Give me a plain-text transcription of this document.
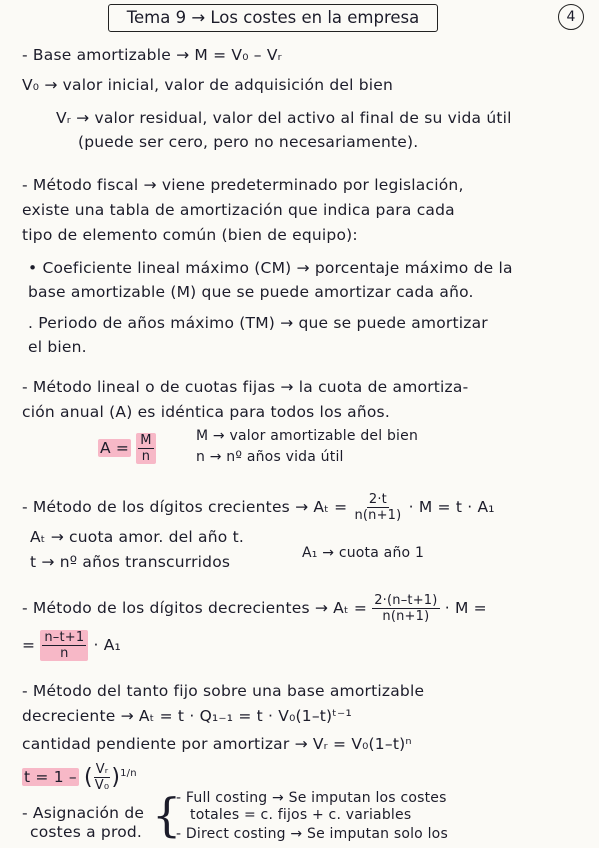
Tema 9 → Los costes en la empresa	4
- Base amortizable → M = V₀ – Vᵣ
V₀ → valor inicial, valor de adquisición del bien
Vᵣ → valor residual, valor del activo al final de su vida útil
(puede ser cero, pero no necesariamente).
- Método fiscal → viene predeterminado por legislación,
existe una tabla de amortización que indica para cada
tipo de elemento común (bien de equipo):
• Coeficiente lineal máximo (CM) → porcentaje máximo de la
base amortizable (M) que se puede amortizar cada año.
. Periodo de años máximo (TM) → que se puede amortizar
el bien.
- Método lineal o de cuotas fijas → la cuota de amortiza-
ción anual (A) es idéntica para todos los años.
$A = \frac{M}{n}$	M → valor amortizable del bien
n → nº años vida útil
- Método de los dígitos crecientes → $A_t = \frac{2\cdot t}{n(n+1)} \cdot M = t \cdot A_1$
Aₜ → cuota amor. del año t.
t → nº años transcurridos	A₁ → cuota año 1
- Método de los dígitos decrecientes → $A_t = \frac{2\cdot(n-t+1)}{n(n+1)} \cdot M$ =
= $\frac{n-t+1}{n} \cdot A_1$
- Método del tanto fijo sobre una base amortizable
decreciente → Aₜ = t · Q₁₋₁ = t · V₀(1–t)ᵗ⁻¹
cantidad pendiente por amortizar → Vᵣ = V₀(1–t)ⁿ
t = 1 – ( $\frac{\text{Vᵣ}}{\text{V₀}} )^{1/n}$
- Asignación de
costes a prod. {
- Full costing → Se imputan los costes
totales = c. fijos + c. variables
- Direct costing → Se imputan solo los
